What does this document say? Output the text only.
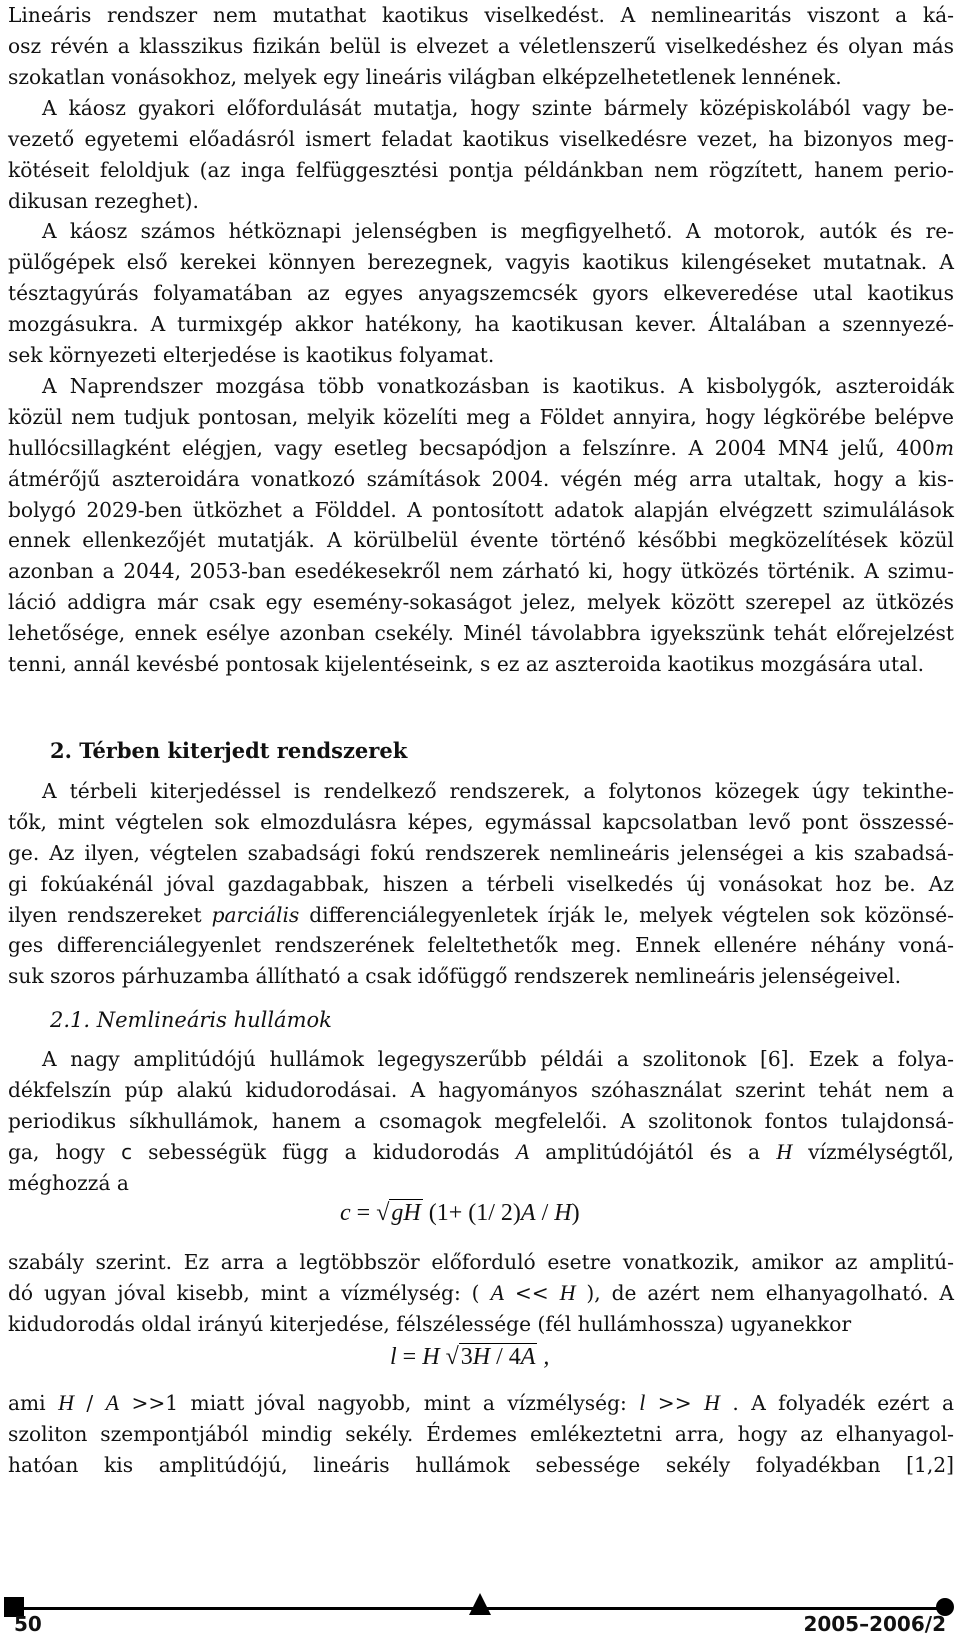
Lineáris rendszer nem mutathat kaotikus viselkedést. A nemlinearitás viszont a ká-
osz révén a klasszikus fizikán belül is elvezet a véletlenszerű viselkedéshez és olyan más
szokatlan vonásokhoz, melyek egy lineáris világban elképzelhetetlenek lennének.

A káosz gyakori előfordulását mutatja, hogy szinte bármely középiskolából vagy be-
vezető egyetemi előadásról ismert feladat kaotikus viselkedésre vezet, ha bizonyos meg-
kötéseit feloldjuk (az inga felfüggesztési pontja példánkban nem rögzített, hanem perio-
dikusan rezeghet).

A káosz számos hétköznapi jelenségben is megfigyelhető. A motorok, autók és re-
pülőgépek első kerekei könnyen berezegnek, vagyis kaotikus kilengéseket mutatnak. A
tésztagyúrás folyamatában az egyes anyagszemcsék gyors elkeveredése utal kaotikus
mozgásukra. A turmixgép akkor hatékony, ha kaotikusan kever. Általában a szennyezé-
sek környezeti elterjedése is kaotikus folyamat.

A Naprendszer mozgása több vonatkozásban is kaotikus. A kisbolygók, aszteroidák
közül nem tudjuk pontosan, melyik közelíti meg a Földet annyira, hogy légkörébe belépve
hullócsillagként elégjen, vagy esetleg becsapódjon a felszínre. A 2004 MN4 jelű, 400m
átmérőjű aszteroidára vonatkozó számítások 2004. végén még arra utaltak, hogy a kis-
bolygó 2029-ben ütközhet a Földdel. A pontosított adatok alapján elvégzett szimulálások
ennek ellenkezőjét mutatják. A körülbelül évente történő későbbi megközelítések közül
azonban a 2044, 2053-ban esedékesekről nem zárható ki, hogy ütközés történik. A szimu-
láció addigra már csak egy esemény-sokaságot jelez, melyek között szerepel az ütközés
lehetősége, ennek esélye azonban csekély. Minél távolabbra igyekszünk tehát előrejelzést
tenni, annál kevésbé pontosak kijelentéseink, s ez az aszteroida kaotikus mozgására utal.

2. Térben kiterjedt rendszerek

A térbeli kiterjedéssel is rendelkező rendszerek, a folytonos közegek úgy tekinthe-
tők, mint végtelen sok elmozdulásra képes, egymással kapcsolatban levő pont összessé-
ge. Az ilyen, végtelen szabadsági fokú rendszerek nemlineáris jelenségei a kis szabadsá-
gi fokúakénál jóval gazdagabbak, hiszen a térbeli viselkedés új vonásokat hoz be. Az
ilyen rendszereket parciális differenciálegyenletek írják le, melyek végtelen sok közönsé-
ges differenciálegyenlet rendszerének feleltethetők meg. Ennek ellenére néhány voná-
suk szoros párhuzamba állítható a csak időfüggő rendszerek nemlineáris jelenségeivel.

2.1. Nemlineáris hullámok

A nagy amplitúdójú hullámok legegyszerűbb példái a szolitonok [6]. Ezek a folya-
dékfelszín púp alakú kidudorodásai. A hagyományos szóhasználat szerint tehát nem a
periodikus síkhullámok, hanem a csomagok megfelelői. A szolitonok fontos tulajdonsá-
ga, hogy c sebességük függ a kidudorodás A amplitúdójától és a H vízmélységtől,
méghozzá a

c = √gH (1+ (1/ 2)A / H)

szabály szerint. Ez arra a legtöbbször előforduló esetre vonatkozik, amikor az amplitú-
dó ugyan jóval kisebb, mint a vízmélység: ( A << H ), de azért nem elhanyagolható. A
kidudorodás oldal irányú kiterjedése, félszélessége (fél hullámhossza) ugyanekkor

l = H √3H / 4A ,

ami H / A >>1 miatt jóval nagyobb, mint a vízmélység: l >> H . A folyadék ezért a
szoliton szempontjából mindig sekély. Érdemes emlékeztetni arra, hogy az elhanyagol-
hatóan kis amplitúdójú, lineáris hullámok sebessége sekély folyadékban [1,2]

50	2005–2006/2
